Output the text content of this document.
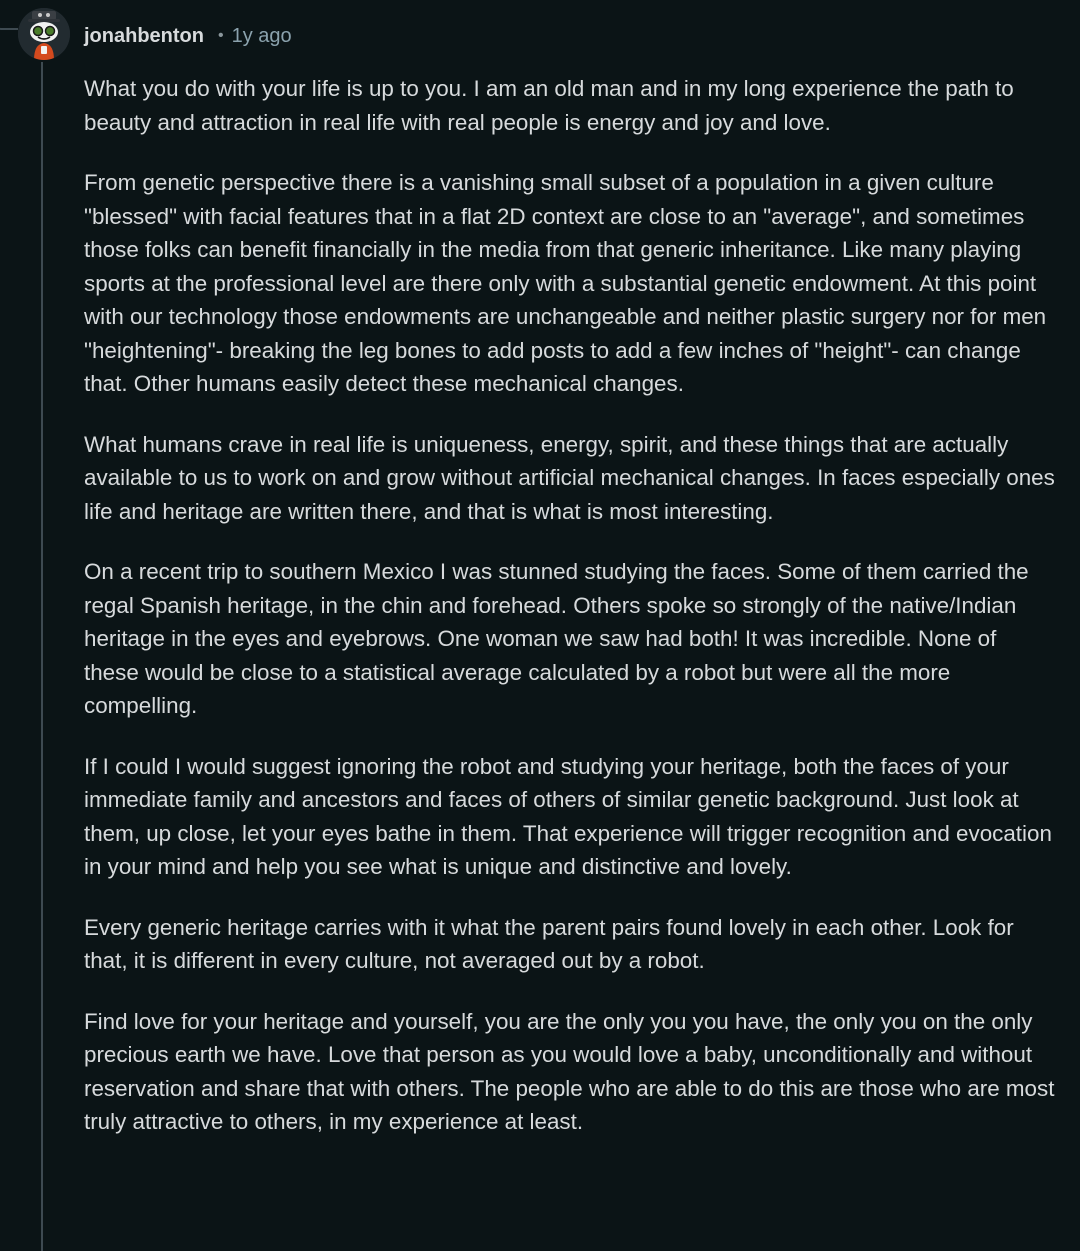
jonahbenton • 1y ago

What you do with your life is up to you. I am an old man and in my long experience the path to beauty and attraction in real life with real people is energy and joy and love.

From genetic perspective there is a vanishing small subset of a population in a given culture "blessed" with facial features that in a flat 2D context are close to an "average", and sometimes those folks can benefit financially in the media from that generic inheritance. Like many playing sports at the professional level are there only with a substantial genetic endowment. At this point with our technology those endowments are unchangeable and neither plastic surgery nor for men "heightening"- breaking the leg bones to add posts to add a few inches of "height"- can change that. Other humans easily detect these mechanical changes.

What humans crave in real life is uniqueness, energy, spirit, and these things that are actually available to us to work on and grow without artificial mechanical changes. In faces especially ones life and heritage are written there, and that is what is most interesting.

On a recent trip to southern Mexico I was stunned studying the faces. Some of them carried the regal Spanish heritage, in the chin and forehead. Others spoke so strongly of the native/Indian heritage in the eyes and eyebrows. One woman we saw had both! It was incredible. None of these would be close to a statistical average calculated by a robot but were all the more compelling.

If I could I would suggest ignoring the robot and studying your heritage, both the faces of your immediate family and ancestors and faces of others of similar genetic background. Just look at them, up close, let your eyes bathe in them. That experience will trigger recognition and evocation in your mind and help you see what is unique and distinctive and lovely.

Every generic heritage carries with it what the parent pairs found lovely in each other. Look for that, it is different in every culture, not averaged out by a robot.

Find love for your heritage and yourself, you are the only you you have, the only you on the only precious earth we have. Love that person as you would love a baby, unconditionally and without reservation and share that with others. The people who are able to do this are those who are most truly attractive to others, in my experience at least.
